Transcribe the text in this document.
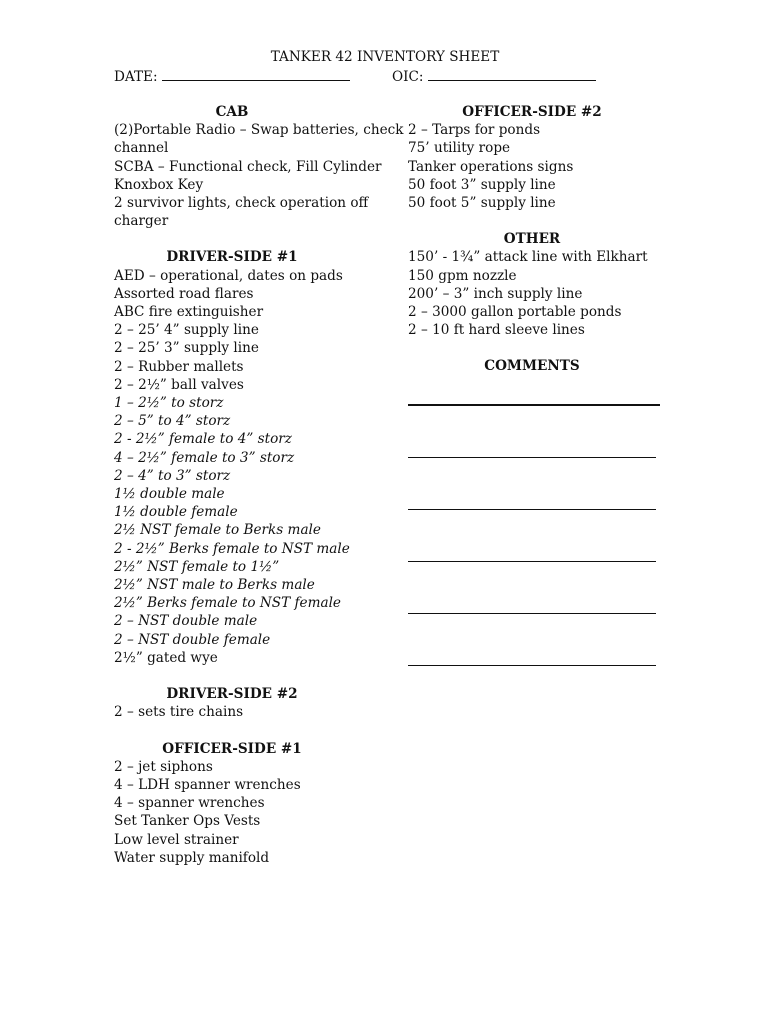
TANKER 42 INVENTORY SHEET
DATE:	OIC:
CAB
(2)Portable Radio – Swap batteries, check channel
SCBA – Functional check, Fill Cylinder
Knoxbox Key
2 survivor lights, check operation off charger
DRIVER-SIDE #1
AED – operational, dates on pads
Assorted road flares
ABC fire extinguisher
2 – 25’ 4” supply line
2 – 25’ 3” supply line
2 – Rubber mallets
2 – 2½” ball valves
1 – 2½” to storz
2 – 5” to 4” storz
2 - 2½” female to 4” storz
4 – 2½” female to 3” storz
2 – 4” to 3” storz
1½ double male
1½ double female
2½ NST female to Berks male
2 - 2½” Berks female to NST male
2½” NST female to 1½”
2½” NST male to Berks male
2½” Berks female to NST female
2 – NST double male
2 – NST double female
2½” gated wye
DRIVER-SIDE #2
2 – sets tire chains
OFFICER-SIDE #1
2 – jet siphons
4 – LDH spanner wrenches
4 – spanner wrenches
Set Tanker Ops Vests
Low level strainer
Water supply manifold
OFFICER-SIDE #2
2 – Tarps for ponds
75’ utility rope
Tanker operations signs
50 foot 3” supply line
50 foot 5” supply line
OTHER
150’ - 1¾” attack line with Elkhart
150 gpm nozzle
200’ – 3” inch supply line
2 – 3000 gallon portable ponds
2 – 10 ft hard sleeve lines
COMMENTS
